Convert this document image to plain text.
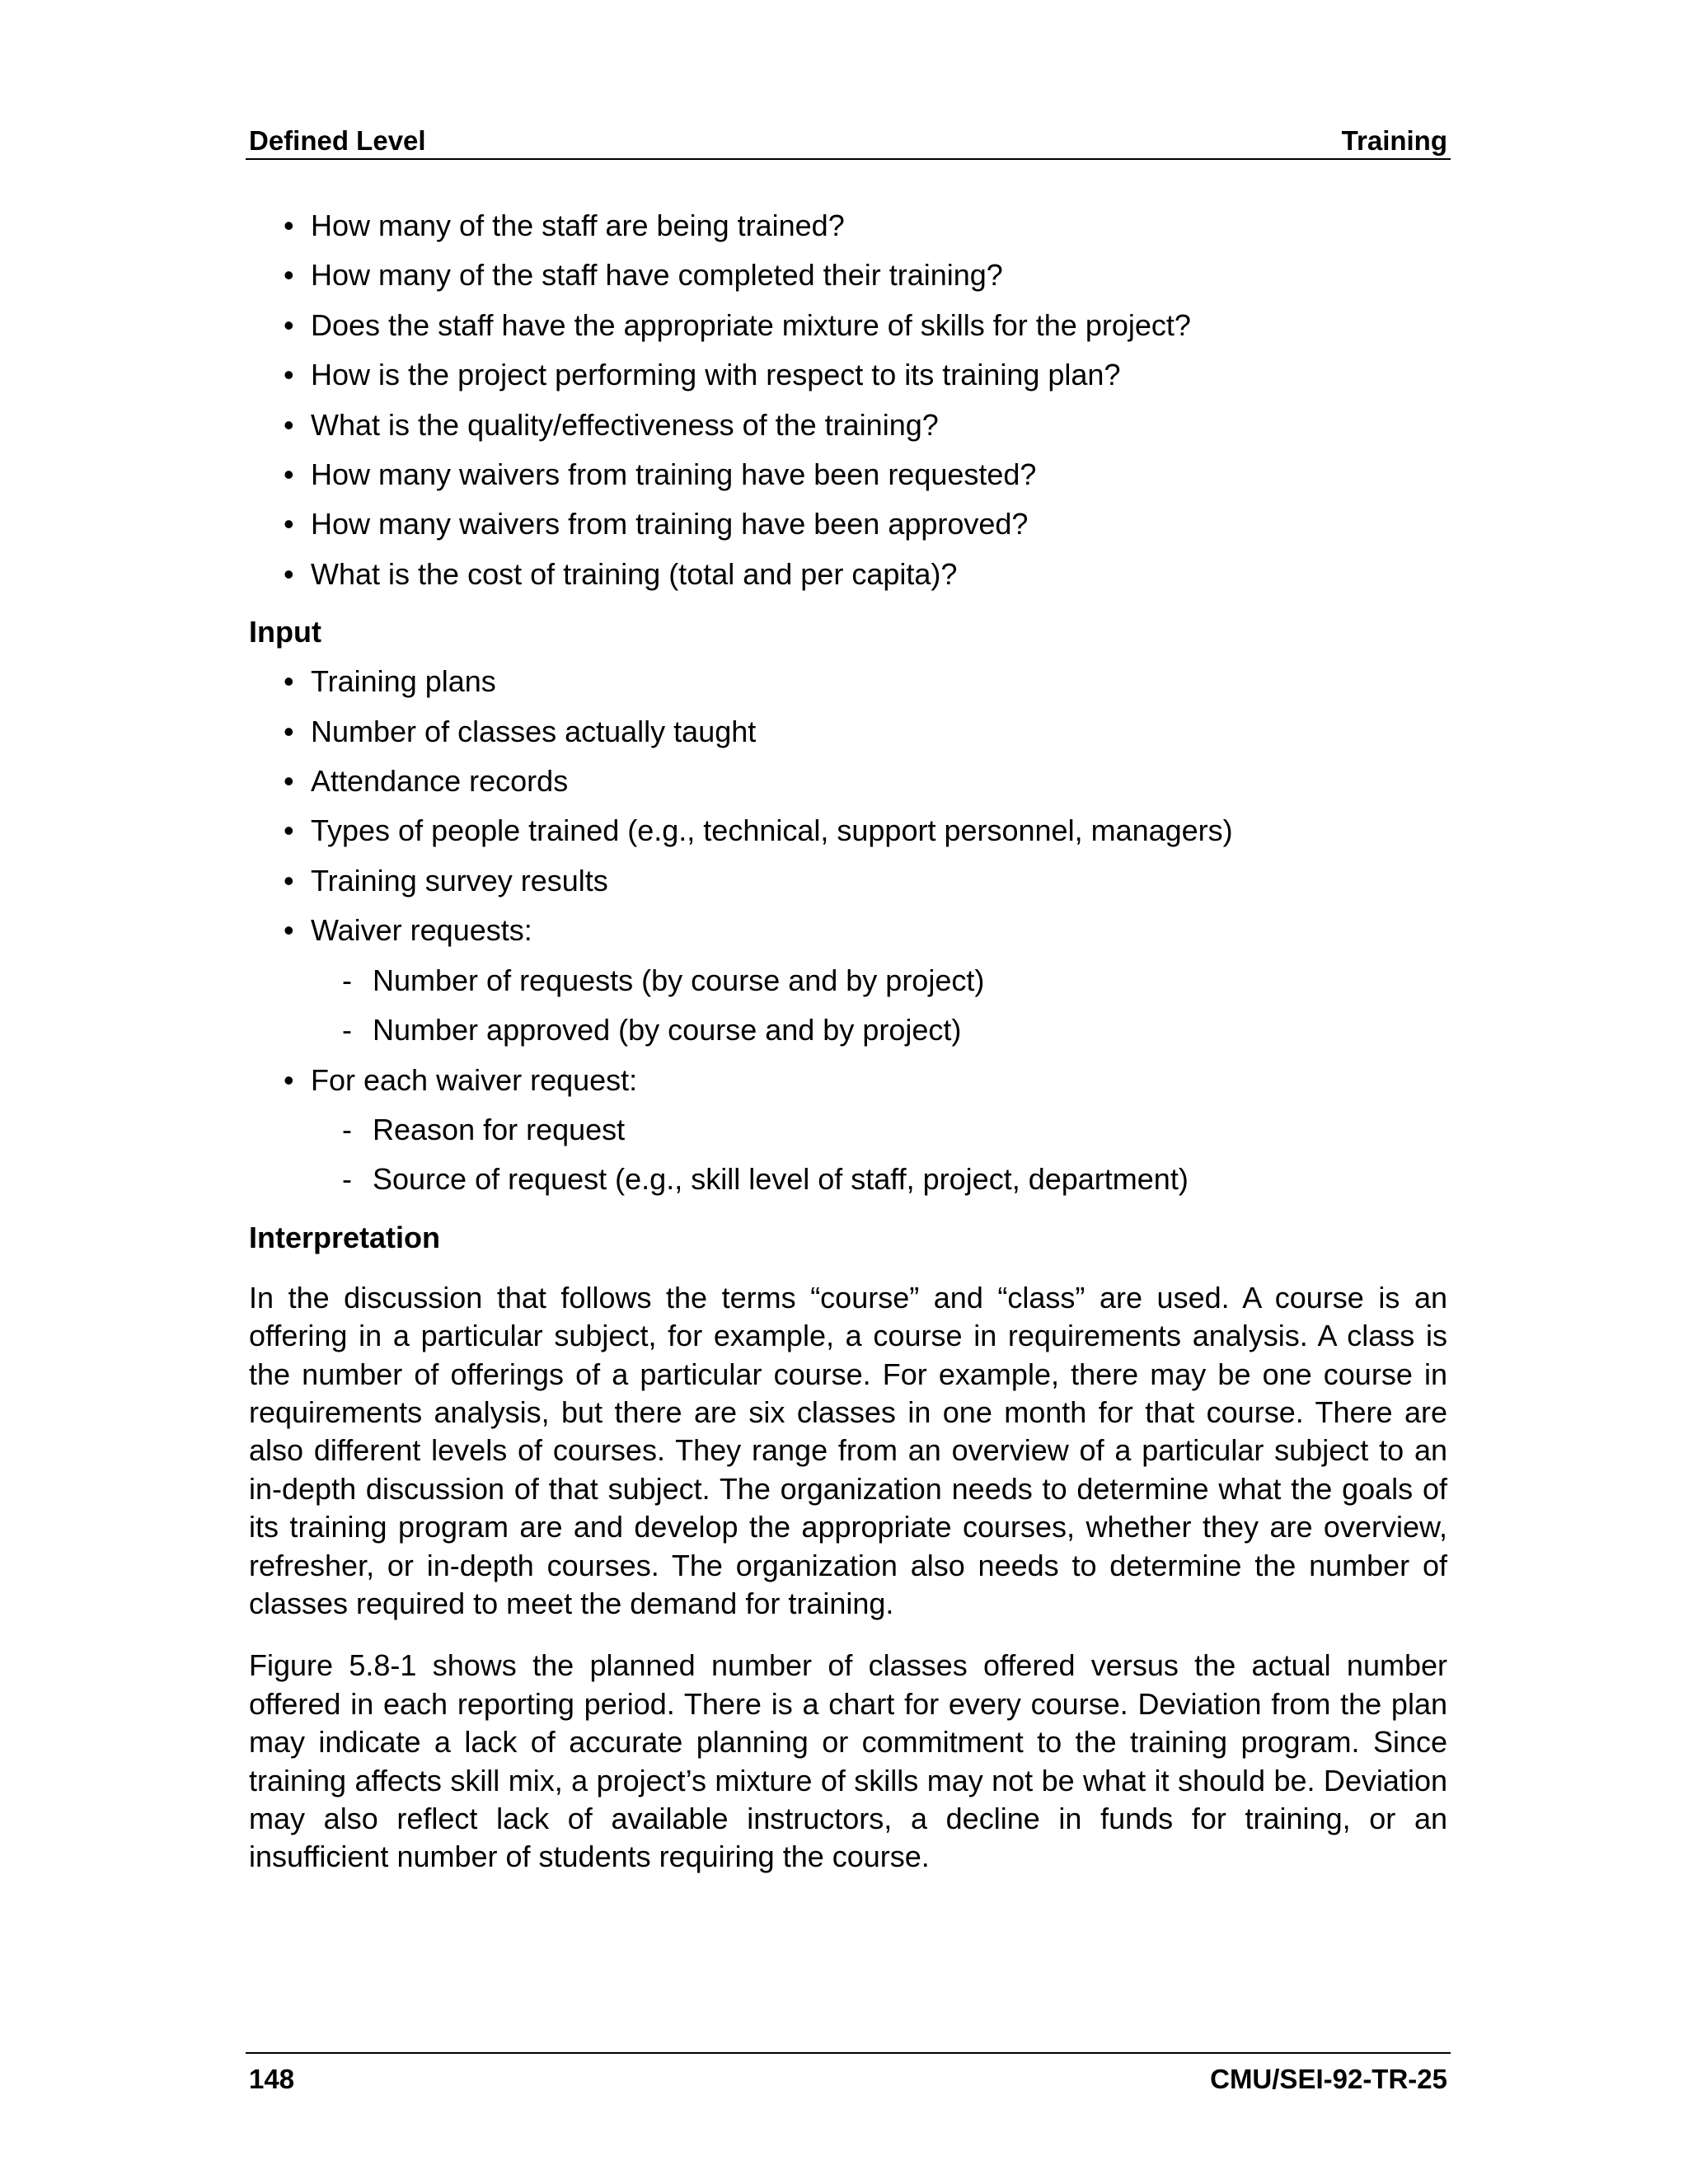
Defined Level	Training
• How many of the staff are being trained?
• How many of the staff have completed their training?
• Does the staff have the appropriate mixture of skills for the project?
• How is the project performing with respect to its training plan?
• What is the quality/effectiveness of the training?
• How many waivers from training have been requested?
• How many waivers from training have been approved?
• What is the cost of training (total and per capita)?
Input
• Training plans
• Number of classes actually taught
• Attendance records
• Types of people trained (e.g., technical, support personnel, managers)
• Training survey results
• Waiver requests:
- Number of requests (by course and by project)
- Number approved (by course and by project)
• For each waiver request:
- Reason for request
- Source of request (e.g., skill level of staff, project, department)
Interpretation

In the discussion that follows the terms “course” and “class” are used. A course is an offering in a particular subject, for example, a course in requirements analysis. A class is the number of offerings of a particular course. For example, there may be one course in requirements analysis, but there are six classes in one month for that course. There are also different levels of courses. They range from an overview of a particular subject to an in-depth discussion of that subject. The organization needs to determine what the goals of its training program are and develop the appropriate courses, whether they are overview, refresher, or in-depth courses. The organization also needs to determine the number of classes required to meet the demand for training.

Figure 5.8-1 shows the planned number of classes offered versus the actual number offered in each reporting period. There is a chart for every course. Deviation from the plan may indicate a lack of accurate planning or commitment to the training program. Since training affects skill mix, a project’s mixture of skills may not be what it should be. Deviation may also reflect lack of available instructors, a decline in funds for training, or an insufficient number of students requiring the course.

148	CMU/SEI-92-TR-25
